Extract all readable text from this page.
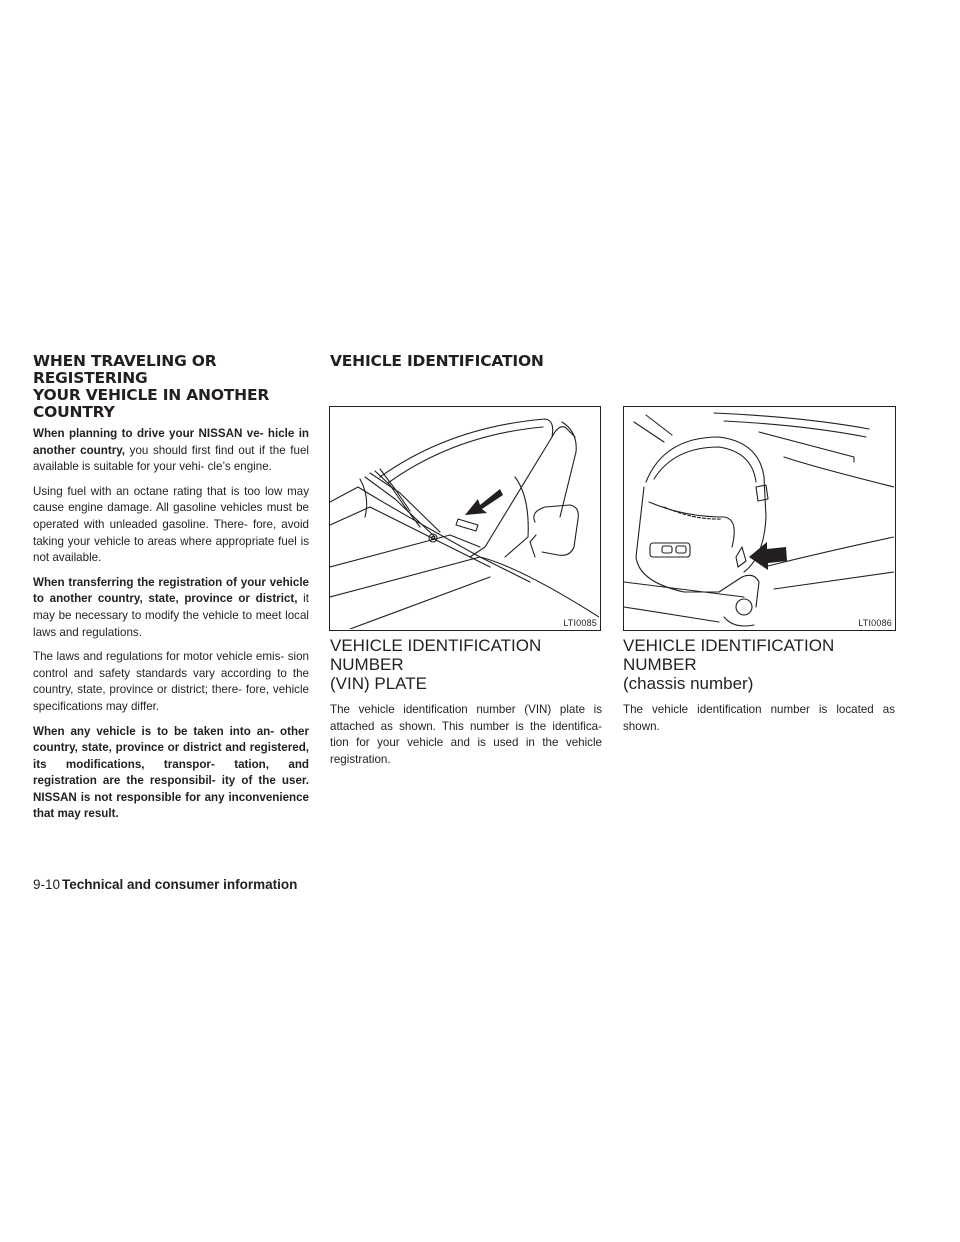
WHEN TRAVELING OR REGISTERING
YOUR VEHICLE IN ANOTHER
COUNTRY

When planning to drive your NISSAN ve- hicle in another country, you should first find out if the fuel available is suitable for your vehi- cle’s engine.

Using fuel with an octane rating that is too low may cause engine damage. All gasoline vehicles must be operated with unleaded gasoline. There- fore, avoid taking your vehicle to areas where appropriate fuel is not available.

When transferring the registration of your vehicle to another country, state, province or district, it may be necessary to modify the vehicle to meet local laws and regulations.

The laws and regulations for motor vehicle emis- sion control and safety standards vary according to the country, state, province or district; there- fore, vehicle specifications may differ.

When any vehicle is to be taken into an- other country, state, province or district and registered, its modifications, transpor- tation, and registration are the responsibil- ity of the user. NISSAN is not responsible for any inconvenience that may result.

VEHICLE IDENTIFICATION
LTI0085	LTI0086
VEHICLE IDENTIFICATION NUMBER
(VIN) PLATE

The vehicle identification number (VIN) plate is attached as shown. This number is the identifica- tion for your vehicle and is used in the vehicle registration.

VEHICLE IDENTIFICATION NUMBER
(chassis number)

The vehicle identification number is located as shown.

9-10 Technical and consumer information
